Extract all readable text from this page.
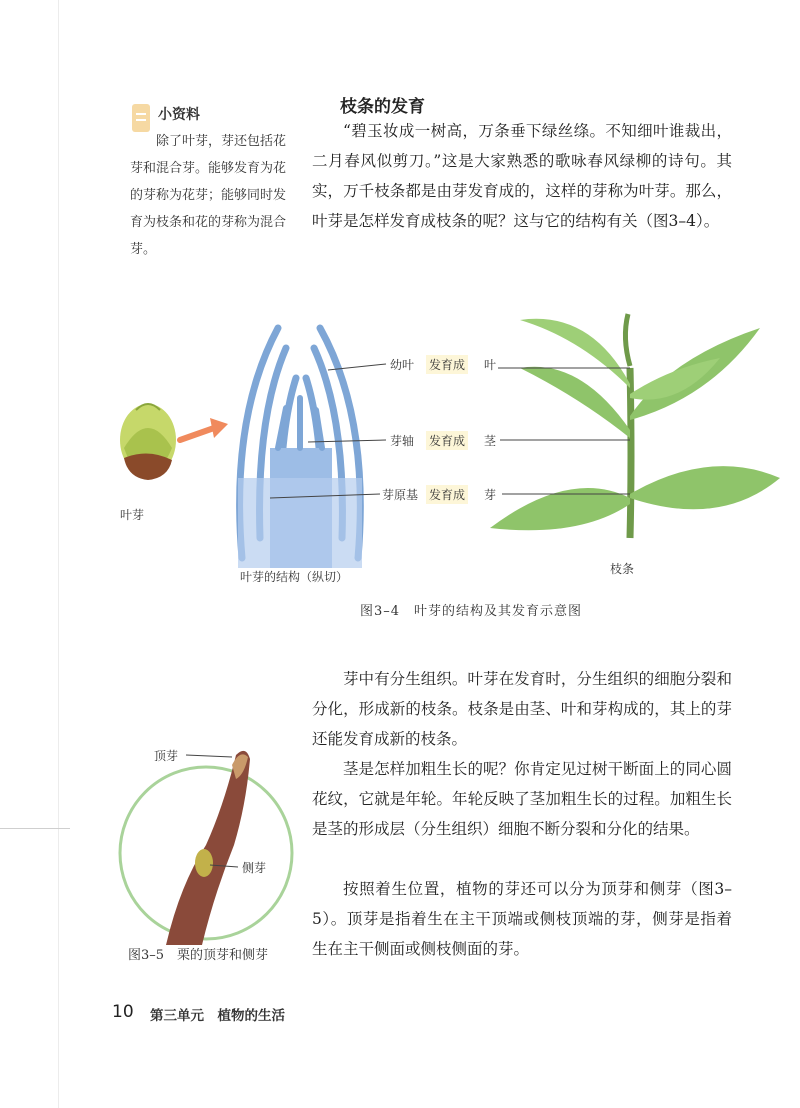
小资料
除了叶芽，芽还包括花芽和混合芽。能够发育为花的芽称为花芽；能够同时发育为枝条和花的芽称为混合芽。
枝条的发育
“碧玉妆成一树高，万条垂下绿丝绦。不知细叶谁裁出，二月春风似剪刀。”这是大家熟悉的歌咏春风绿柳的诗句。其实，万千枝条都是由芽发育成的，这样的芽称为叶芽。那么，叶芽是怎样发育成枝条的呢？这与它的结构有关（图3–4）。
叶芽
叶芽的结构（纵切）
枝条
幼叶 发育成 叶
芽轴 发育成 茎
芽原基 发育成 芽
图3–4　叶芽的结构及其发育示意图
芽中有分生组织。叶芽在发育时，分生组织的细胞分裂和分化，形成新的枝条。枝条是由茎、叶和芽构成的，其上的芽还能发育成新的枝条。
茎是怎样加粗生长的呢？你肯定见过树干断面上的同心圆花纹，它就是年轮。年轮反映了茎加粗生长的过程。加粗生长是茎的形成层（分生组织）细胞不断分裂和分化的结果。
按照着生位置，植物的芽还可以分为顶芽和侧芽（图3–5）。顶芽是指着生在主干顶端或侧枝顶端的芽，侧芽是指着生在主干侧面或侧枝侧面的芽。
顶芽
侧芽
图3–5　栗的顶芽和侧芽
10 第三单元　植物的生活
